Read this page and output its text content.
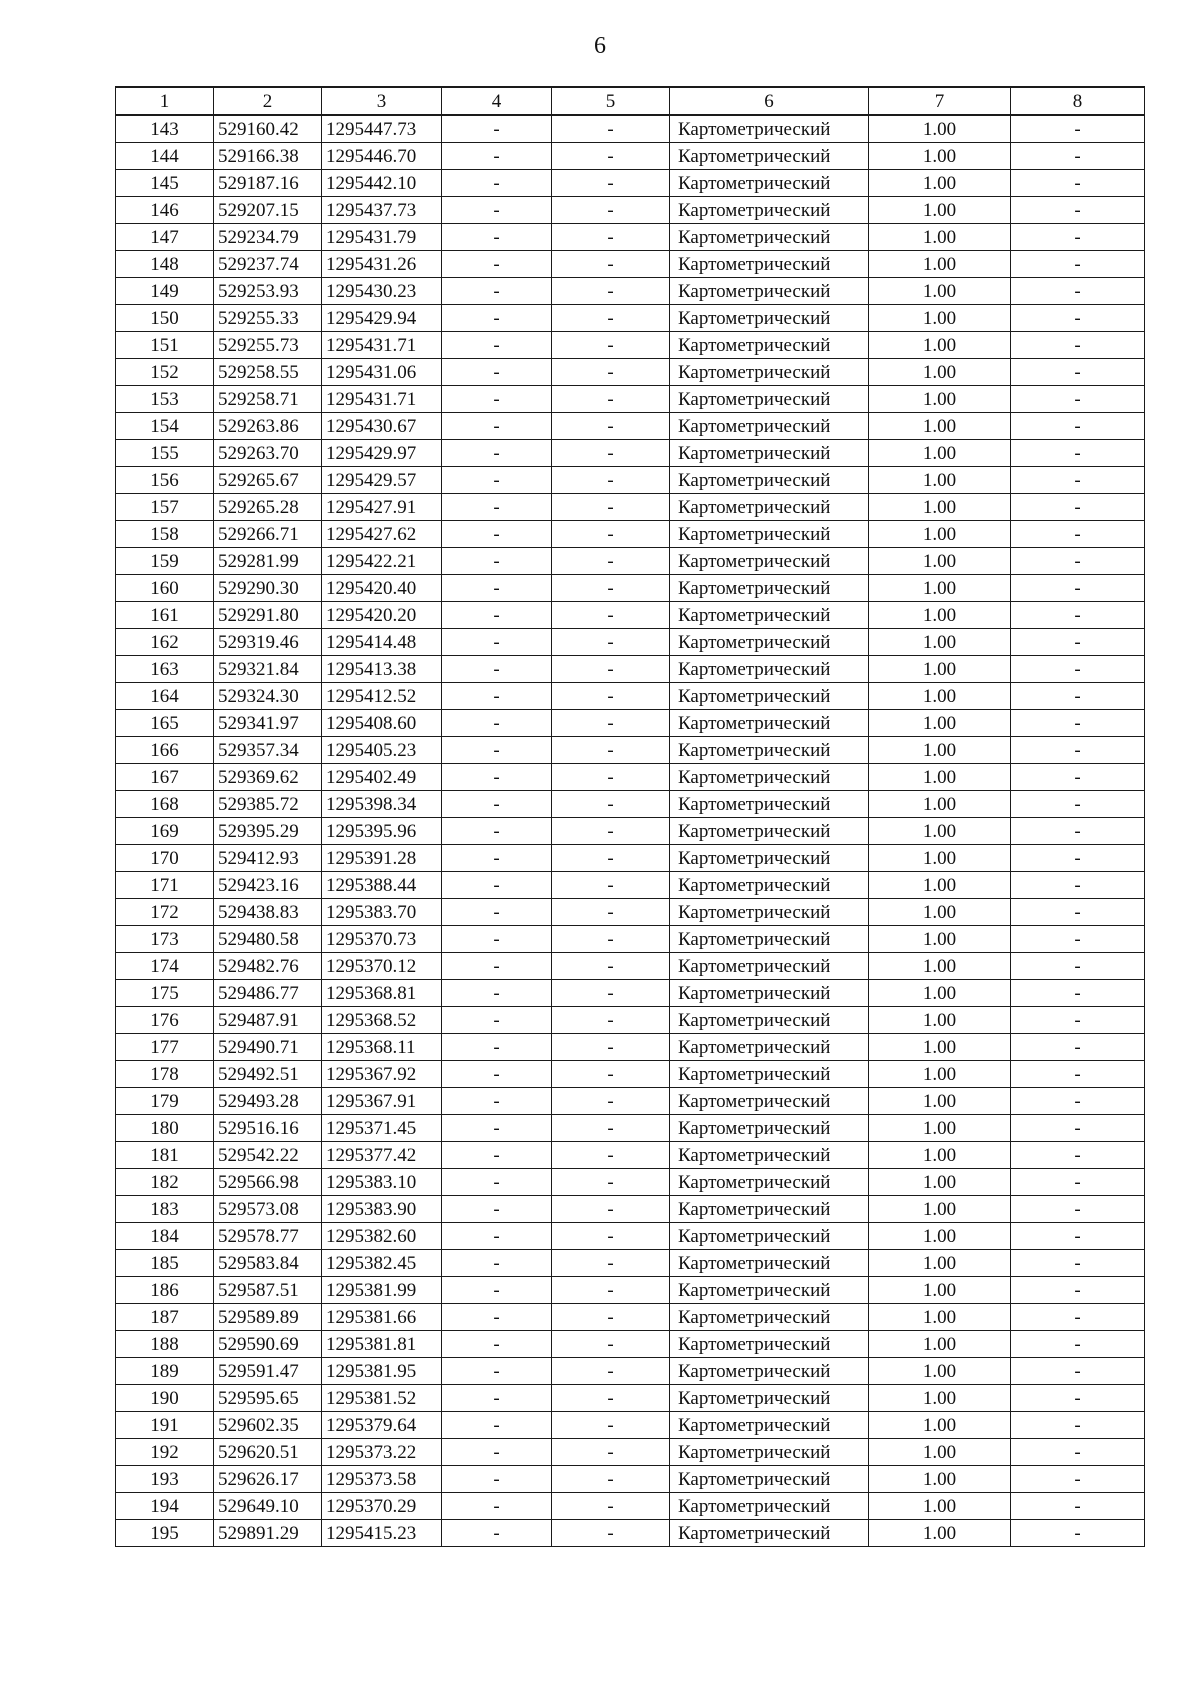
6
1	2	3	4	5	6	7	8
143	529160.42	1295447.73	-	-	Картометрический	1.00	-
144	529166.38	1295446.70	-	-	Картометрический	1.00	-
145	529187.16	1295442.10	-	-	Картометрический	1.00	-
146	529207.15	1295437.73	-	-	Картометрический	1.00	-
147	529234.79	1295431.79	-	-	Картометрический	1.00	-
148	529237.74	1295431.26	-	-	Картометрический	1.00	-
149	529253.93	1295430.23	-	-	Картометрический	1.00	-
150	529255.33	1295429.94	-	-	Картометрический	1.00	-
151	529255.73	1295431.71	-	-	Картометрический	1.00	-
152	529258.55	1295431.06	-	-	Картометрический	1.00	-
153	529258.71	1295431.71	-	-	Картометрический	1.00	-
154	529263.86	1295430.67	-	-	Картометрический	1.00	-
155	529263.70	1295429.97	-	-	Картометрический	1.00	-
156	529265.67	1295429.57	-	-	Картометрический	1.00	-
157	529265.28	1295427.91	-	-	Картометрический	1.00	-
158	529266.71	1295427.62	-	-	Картометрический	1.00	-
159	529281.99	1295422.21	-	-	Картометрический	1.00	-
160	529290.30	1295420.40	-	-	Картометрический	1.00	-
161	529291.80	1295420.20	-	-	Картометрический	1.00	-
162	529319.46	1295414.48	-	-	Картометрический	1.00	-
163	529321.84	1295413.38	-	-	Картометрический	1.00	-
164	529324.30	1295412.52	-	-	Картометрический	1.00	-
165	529341.97	1295408.60	-	-	Картометрический	1.00	-
166	529357.34	1295405.23	-	-	Картометрический	1.00	-
167	529369.62	1295402.49	-	-	Картометрический	1.00	-
168	529385.72	1295398.34	-	-	Картометрический	1.00	-
169	529395.29	1295395.96	-	-	Картометрический	1.00	-
170	529412.93	1295391.28	-	-	Картометрический	1.00	-
171	529423.16	1295388.44	-	-	Картометрический	1.00	-
172	529438.83	1295383.70	-	-	Картометрический	1.00	-
173	529480.58	1295370.73	-	-	Картометрический	1.00	-
174	529482.76	1295370.12	-	-	Картометрический	1.00	-
175	529486.77	1295368.81	-	-	Картометрический	1.00	-
176	529487.91	1295368.52	-	-	Картометрический	1.00	-
177	529490.71	1295368.11	-	-	Картометрический	1.00	-
178	529492.51	1295367.92	-	-	Картометрический	1.00	-
179	529493.28	1295367.91	-	-	Картометрический	1.00	-
180	529516.16	1295371.45	-	-	Картометрический	1.00	-
181	529542.22	1295377.42	-	-	Картометрический	1.00	-
182	529566.98	1295383.10	-	-	Картометрический	1.00	-
183	529573.08	1295383.90	-	-	Картометрический	1.00	-
184	529578.77	1295382.60	-	-	Картометрический	1.00	-
185	529583.84	1295382.45	-	-	Картометрический	1.00	-
186	529587.51	1295381.99	-	-	Картометрический	1.00	-
187	529589.89	1295381.66	-	-	Картометрический	1.00	-
188	529590.69	1295381.81	-	-	Картометрический	1.00	-
189	529591.47	1295381.95	-	-	Картометрический	1.00	-
190	529595.65	1295381.52	-	-	Картометрический	1.00	-
191	529602.35	1295379.64	-	-	Картометрический	1.00	-
192	529620.51	1295373.22	-	-	Картометрический	1.00	-
193	529626.17	1295373.58	-	-	Картометрический	1.00	-
194	529649.10	1295370.29	-	-	Картометрический	1.00	-
195	529891.29	1295415.23	-	-	Картометрический	1.00	-
